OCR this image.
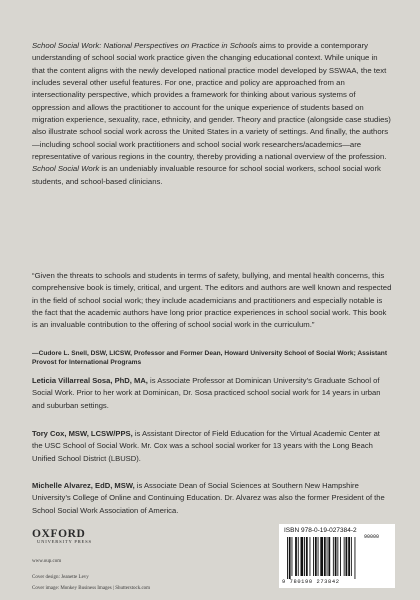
School Social Work: National Perspectives on Practice in Schools aims to provide a contemporary understanding of school social work practice given the changing educational context. While unique in that the content aligns with the newly developed national practice model developed by SSWAA, the text includes several other useful features. For one, practice and policy are approached from an intersectionality perspective, which provides a framework for thinking about various systems of oppression and allows the practitioner to account for the unique experience of students based on migration experience, sexuality, race, ethnicity, and gender. Theory and practice (alongside case studies) also illustrate school social work across the United States in a variety of settings. And finally, the authors—including school social work practitioners and school social work researchers/academics—are representative of various regions in the country, thereby providing a national overview of the profession. School Social Work is an undeniably invaluable resource for school social workers, school social work students, and school-based clinicians.

“Given the threats to schools and students in terms of safety, bullying, and mental health concerns, this comprehensive book is timely, critical, and urgent. The editors and authors are well known and respected in the field of school social work; they include academicians and practitioners and especially notable is the fact that the academic authors have long prior practice experiences in school social work. This book is an invaluable contribution to the offering of school social work in the curriculum.”

—Cudore L. Snell, DSW, LICSW, Professor and Former Dean, Howard University School of Social Work; Assistant Provost for International Programs

Leticia Villarreal Sosa, PhD, MA, is Associate Professor at Dominican University’s Graduate School of Social Work. Prior to her work at Dominican, Dr. Sosa practiced school social work for 14 years in urban and suburban settings.

Tory Cox, MSW, LCSW/PPS, is Assistant Director of Field Education for the Virtual Academic Center at the USC School of Social Work. Mr. Cox was a school social worker for 13 years with the Long Beach Unified School District (LBUSD).

Michelle Alvarez, EdD, MSW, is Associate Dean of Social Sciences at Southern New Hampshire University’s College of Online and Continuing Education. Dr. Alvarez was also the former President of the School Social Work Association of America.

OXFORD
UNIVERSITY PRESS
www.oup.com
Cover design: Jeanette Levy
Cover image: Monkey Business Images | Shutterstock.com
ISBN 978-0-19-027384-2
90000
9 780190 273842
